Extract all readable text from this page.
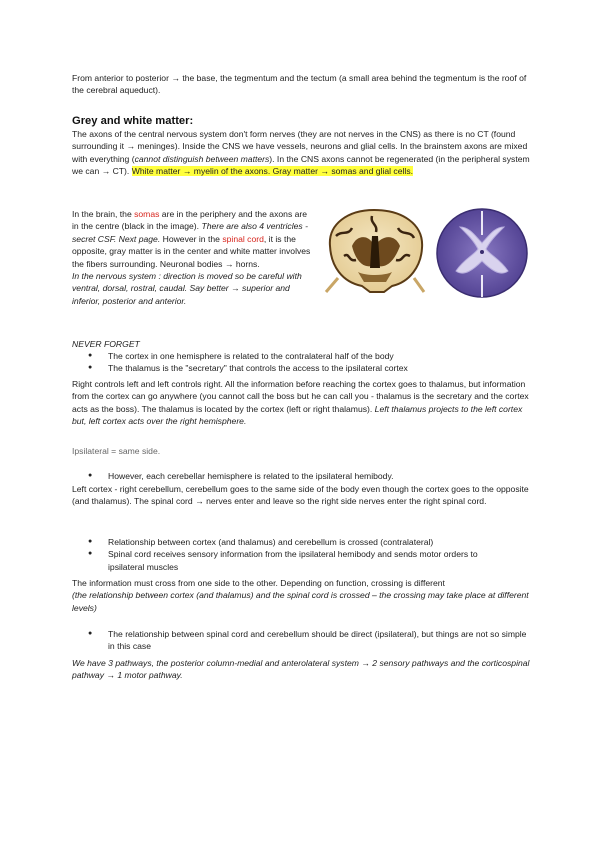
From anterior to posterior → the base, the tegmentum and the tectum (a small area behind the tegmentum is the roof of the cerebral aqueduct).

Grey and white matter:

The axons of the central nervous system don't form nerves (they are not nerves in the CNS) as there is no CT (found surrounding it → meninges). Inside the CNS we have vessels, neurons and glial cells. In the brainstem axons are mixed with everything (cannot distinguish between matters). In the CNS axons cannot be regenerated (in the peripheral system we can → CT). White matter → myelin of the axons. Gray matter → somas and glial cells.

In the brain, the somas are in the periphery and the axons are in the centre (black in the image). There are also 4 ventricles - secret CSF. Next page. However in the spinal cord, it is the opposite, gray matter is in the center and white matter involves the fibers surrounding. Neuronal bodies → horns.
In the nervous system : direction is moved so be careful with ventral, dorsal, rostral, caudal. Say better → superior and inferior, posterior and anterior.

NEVER FORGET

● The cortex in one hemisphere is related to the contralateral half of the body
● The thalamus is the "secretary" that controls the access to the ipsilateral cortex

Right controls left and left controls right. All the information before reaching the cortex goes to thalamus, but information from the cortex can go anywhere (you cannot call the boss but he can call you - thalamus is the secretary and the cortex acts as the boss). The thalamus is located by the cortex (left or right thalamus). Left thalamus projects to the left cortex but, left cortex acts over the right hemisphere.

Ipsilateral = same side.

● However, each cerebellar hemisphere is related to the ipsilateral hemibody.

Left cortex - right cerebellum, cerebellum goes to the same side of the body even though the cortex goes to the opposite (and thalamus). The spinal cord → nerves enter and leave so the right side nerves enter the right spinal cord.

● Relationship between cortex (and thalamus) and cerebellum is crossed (contralateral)
● Spinal cord receives sensory information from the ipsilateral hemibody and sends motor orders to ipsilateral muscles

The information must cross from one side to the other. Depending on function, crossing is different
(the relationship between cortex (and thalamus) and the spinal cord is crossed – the crossing may take place at different levels)

● The relationship between spinal cord and cerebellum should be direct (ipsilateral), but things are not so simple in this case

We have 3 pathways, the posterior column-medial and anterolateral system → 2 sensory pathways and the corticospinal pathway → 1 motor pathway.
